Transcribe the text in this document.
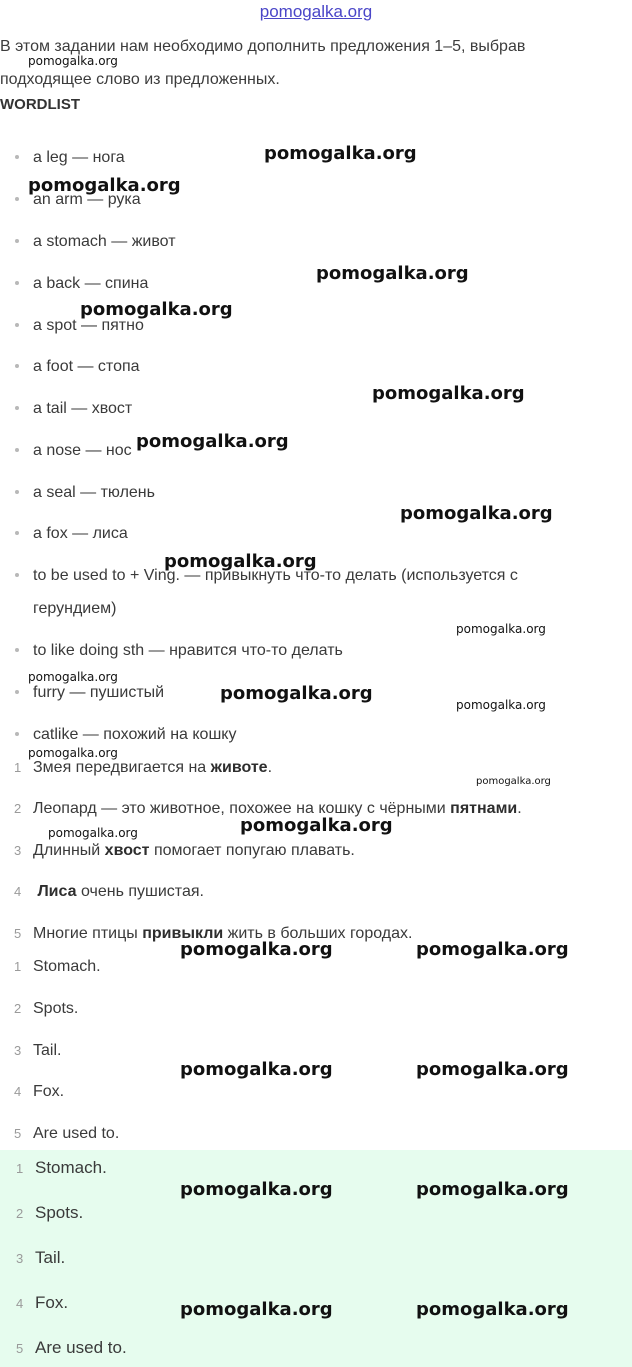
pomogalka.org
В этом задании нам необходимо дополнить предложения 1–5, выбрав подходящее слово из предложенных.
WORDLIST
a leg — нога
an arm — рука
a stomach — живот
a back — спина
a spot — пятно
a foot — стопа
a tail — хвост
a nose — нос
a seal — тюлень
a fox — лиса
to be used to + Ving. — привыкнуть что-то делать (используется с герундием)
to like doing sth — нравится что-то делать
furry — пушистый
catlike — похожий на кошку
1 Змея передвигается на животе.
2 Леопард — это животное, похожее на кошку с чёрными пятнами.
3 Длинный хвост помогает попугаю плавать.
4 Лиса очень пушистая.
5 Многие птицы привыкли жить в больших городах.
1 Stomach.
2 Spots.
3 Tail.
4 Fox.
5 Are used to.
1 Stomach.
2 Spots.
3 Tail.
4 Fox.
5 Are used to.
pomogalka.org
pomogalka.org
pomogalka.org
pomogalka.org
pomogalka.org
pomogalka.org
pomogalka.org
pomogalka.org
pomogalka.org
pomogalka.org
pomogalka.org
pomogalka.org
pomogalka.org
pomogalka.org
pomogalka.org
pomogalka.org	pomogalka.org
pomogalka.org	pomogalka.org
pomogalka.org	pomogalka.org
pomogalka.org	pomogalka.org
pomogalka.org	pomogalka.org
